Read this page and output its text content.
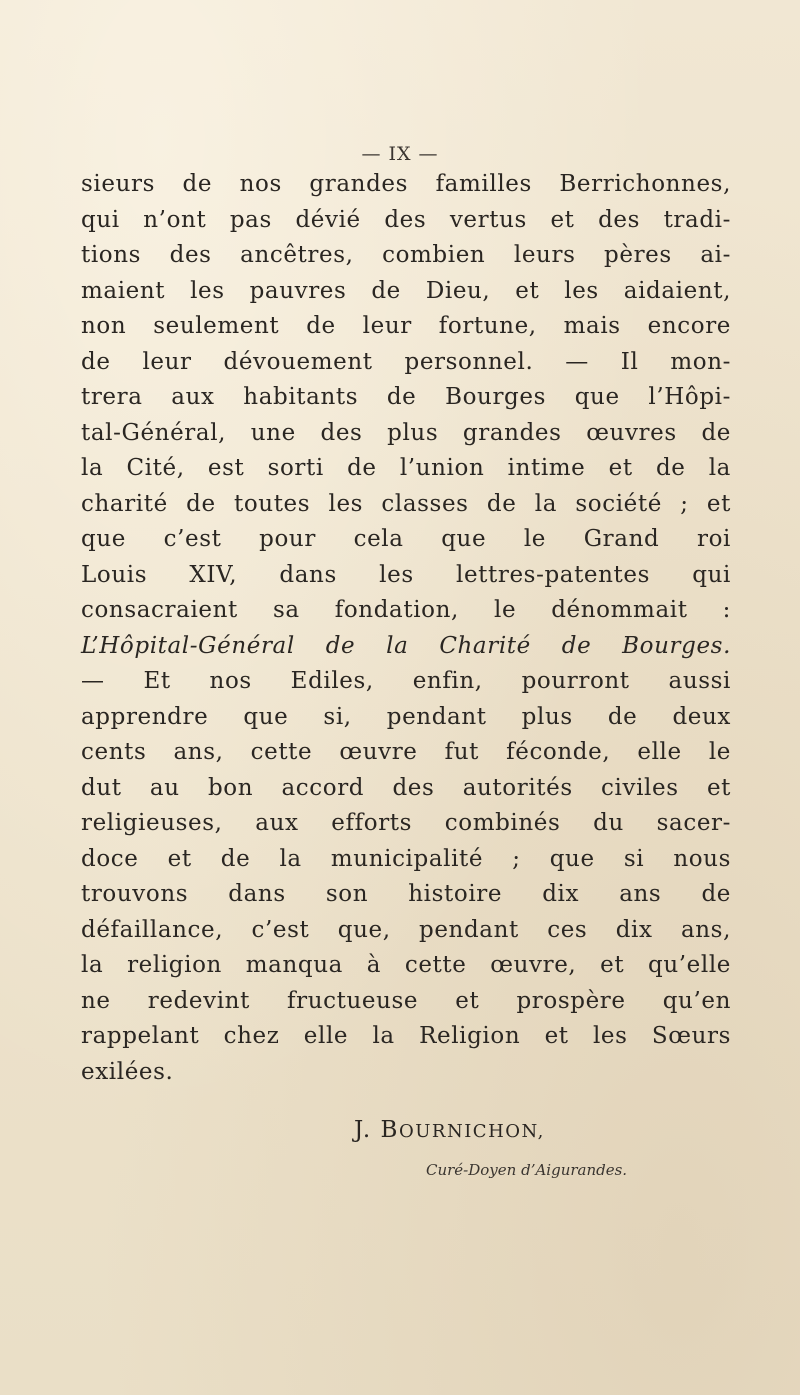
— IX —
sieurs de nos grandes familles Berrichonnes,
qui n’ont pas dévié des vertus et des tradi-
tions des ancêtres, combien leurs pères ai-
maient les pauvres de Dieu, et les aidaient,
non seulement de leur fortune, mais encore
de leur dévouement personnel. — Il mon-
trera aux habitants de Bourges que l’Hôpi-
tal-Général, une des plus grandes œuvres de
la Cité, est sorti de l’union intime et de la
charité de toutes les classes de la société ; et
que c’est pour cela que le Grand roi
Louis XIV, dans les lettres-patentes qui
consacraient sa fondation, le dénommait :
L’Hôpital-Général de la Charité de Bourges.
— Et nos Ediles, enfin, pourront aussi
apprendre que si, pendant plus de deux
cents ans, cette œuvre fut féconde, elle le
dut au bon accord des autorités civiles et
religieuses, aux efforts combinés du sacer-
doce et de la municipalité ; que si nous
trouvons dans son histoire dix ans de
défaillance, c’est que, pendant ces dix ans,
la religion manqua à cette œuvre, et qu’elle
ne redevint fructueuse et prospère qu’en
rappelant chez elle la Religion et les Sœurs
exilées.
J. BOURNICHON,
Curé-Doyen d’Aigurandes.
